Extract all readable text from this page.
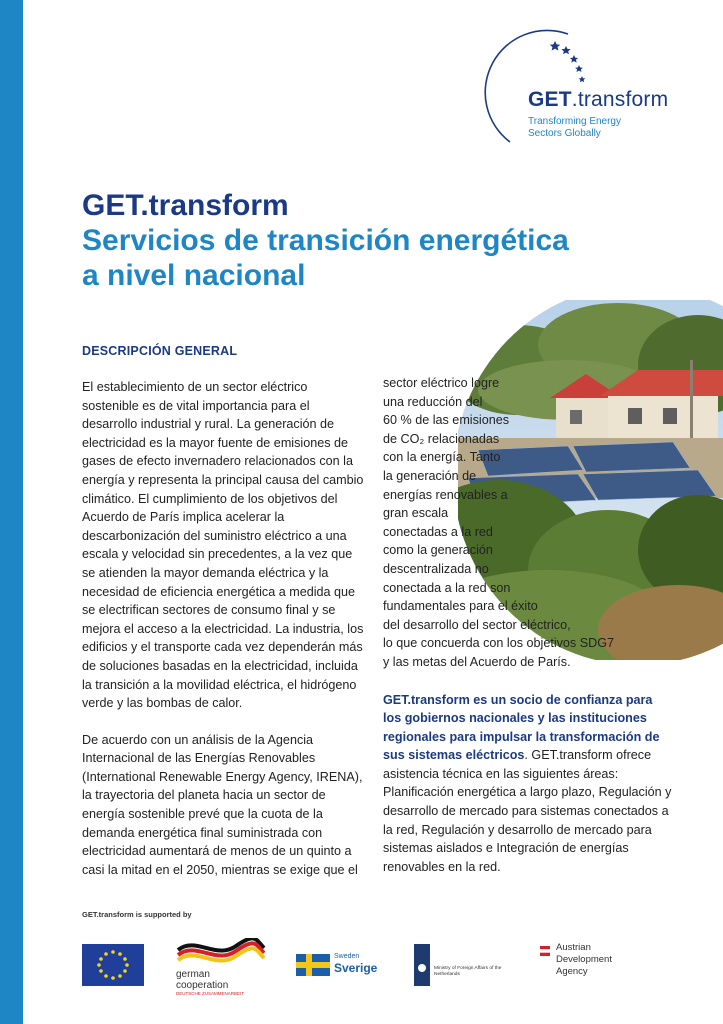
GET.transform
Transforming Energy
Sectors Globally
GET.transform
Servicios de transición energética
a nivel nacional
DESCRIPCIÓN GENERAL

El establecimiento de un sector eléctrico sostenible es de vital importancia para el desarrollo industrial y rural. La generación de electricidad es la mayor fuente de emisiones de gases de efecto invernadero relacionados con la energía y representa la principal causa del cambio climático. El cumplimiento de los objetivos del Acuerdo de París implica acelerar la descarbonización del suministro eléctrico a una escala y velocidad sin precedentes, a la vez que se atienden la mayor demanda eléctrica y la necesidad de eficiencia energética a medida que se electrifican sectores de consumo final y se mejora el acceso a la electricidad. La industria, los edificios y el transporte cada vez dependerán más de soluciones basadas en la electricidad, incluida la transición a la movilidad eléctrica, el hidrógeno verde y las bombas de calor.

De acuerdo con un análisis de la Agencia Internacional de las Energías Renovables (International Renewable Energy Agency, IRENA), la trayectoria del planeta hacia un sector de energía sostenible prevé que la cuota de la demanda energética final suministrada con electricidad aumentará de menos de un quinto a casi la mitad en el 2050, mientras se exige que el

sector eléctrico logre
una reducción del
60 % de las emisiones
de CO₂ relacionadas
con la energía. Tanto
la generación de
energías renovables a
gran escala
conectadas a la red
como la generación
descentralizada no
conectada a la red son
fundamentales para el éxito
del desarrollo del sector eléctrico,
lo que concuerda con los objetivos SDG7
y las metas del Acuerdo de París.

GET.transform es un socio de confianza para los gobiernos nacionales y las instituciones regionales para impulsar la transformación de sus sistemas eléctricos. GET.transform ofrece asistencia técnica en las siguientes áreas: Planificación energética a largo plazo, Regulación y desarrollo de mercado para sistemas conectados a la red, Regulación y desarrollo de mercado para sistemas aislados e Integración de energías renovables en la red.

GET.transform is supported by
german
cooperation
DEUTSCHE ZUSAMMENARBEIT
Sweden
Sverige	Ministry of Foreign Affairs of the
Netherlands
Austrian
Development
Agency
